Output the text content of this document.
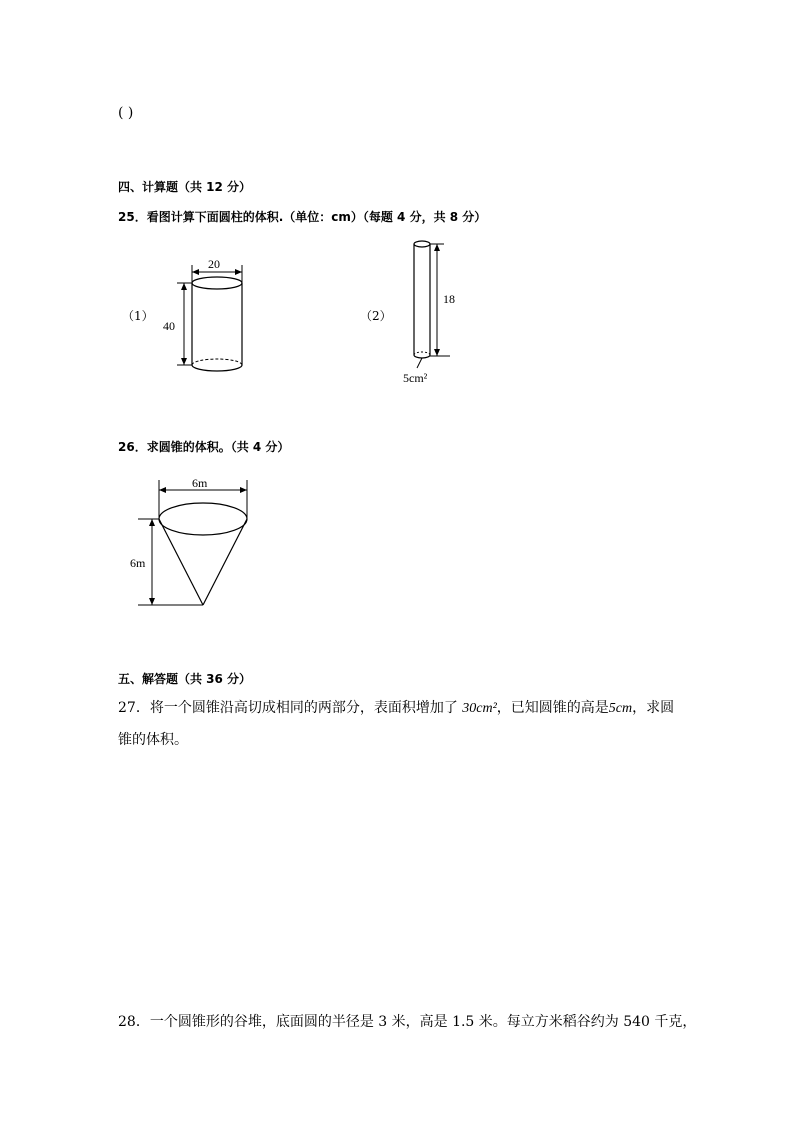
( )
四、计算题（共 12 分）
25．看图计算下面圆柱的体积.（单位：cm）（每题 4 分，共 8 分）
（1）
20
40
（2）
18
5cm²
26．求圆锥的体积。（共 4 分）
6m
6m
五、解答题（共 36 分）
27．将一个圆锥沿高切成相同的两部分，表面积增加了 30cm²，已知圆锥的高是5cm，求圆
锥的体积。
28．一个圆锥形的谷堆，底面圆的半径是 3 米，高是 1.5 米。每立方米稻谷约为 540 千克，
